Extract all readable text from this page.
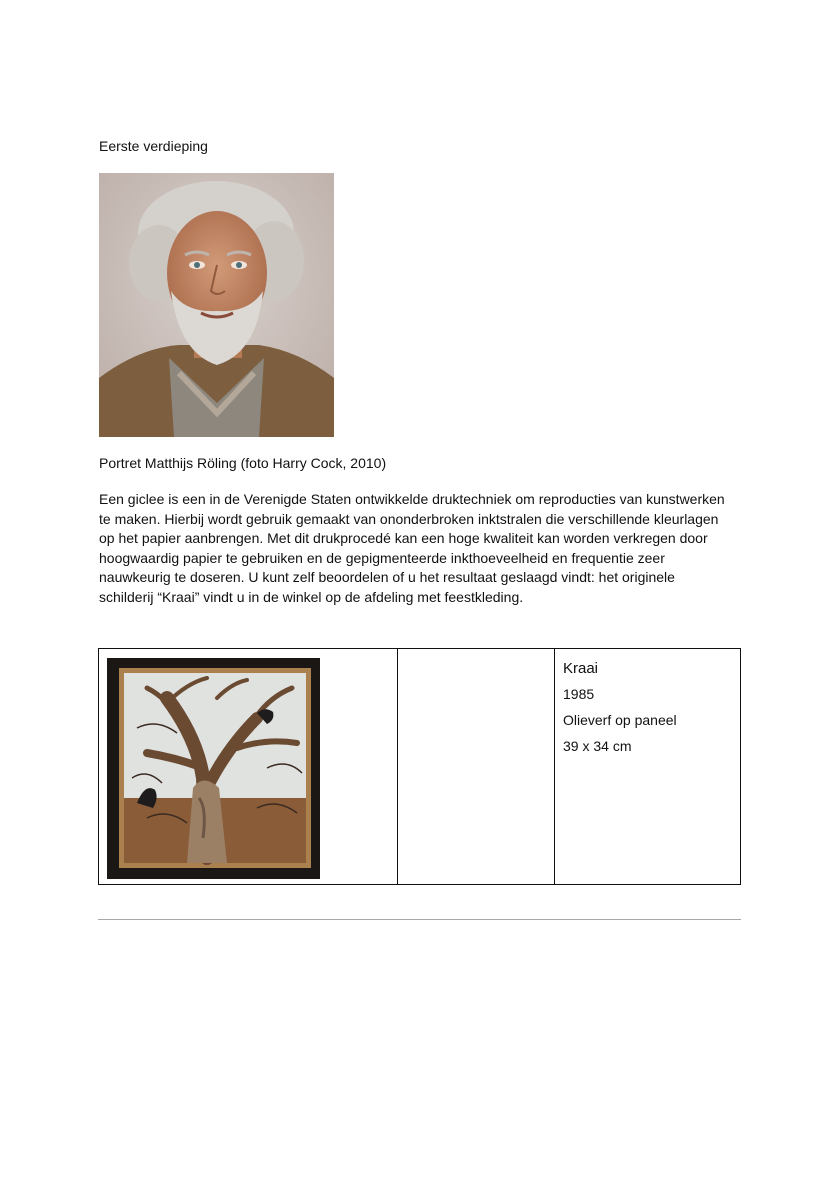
Eerste verdieping
Portret Matthijs Röling (foto Harry Cock, 2010)
Een giclee is een in de Verenigde Staten ontwikkelde druktechniek om reproducties van kunstwerken
te maken. Hierbij wordt gebruik gemaakt van ononderbroken inktstralen die verschillende kleurlagen
op het papier aanbrengen. Met dit drukprocedé kan een hoge kwaliteit kan worden verkregen door
hoogwaardig papier te gebruiken en de gepigmenteerde inkthoeveelheid en frequentie zeer
nauwkeurig te doseren. U kunt zelf beoordelen of u het resultaat geslaagd vindt: het originele
schilderij “Kraai” vindt u in de winkel op de afdeling met feestkleding.

Kraai
1985
Olieverf op paneel
39 x 34 cm
